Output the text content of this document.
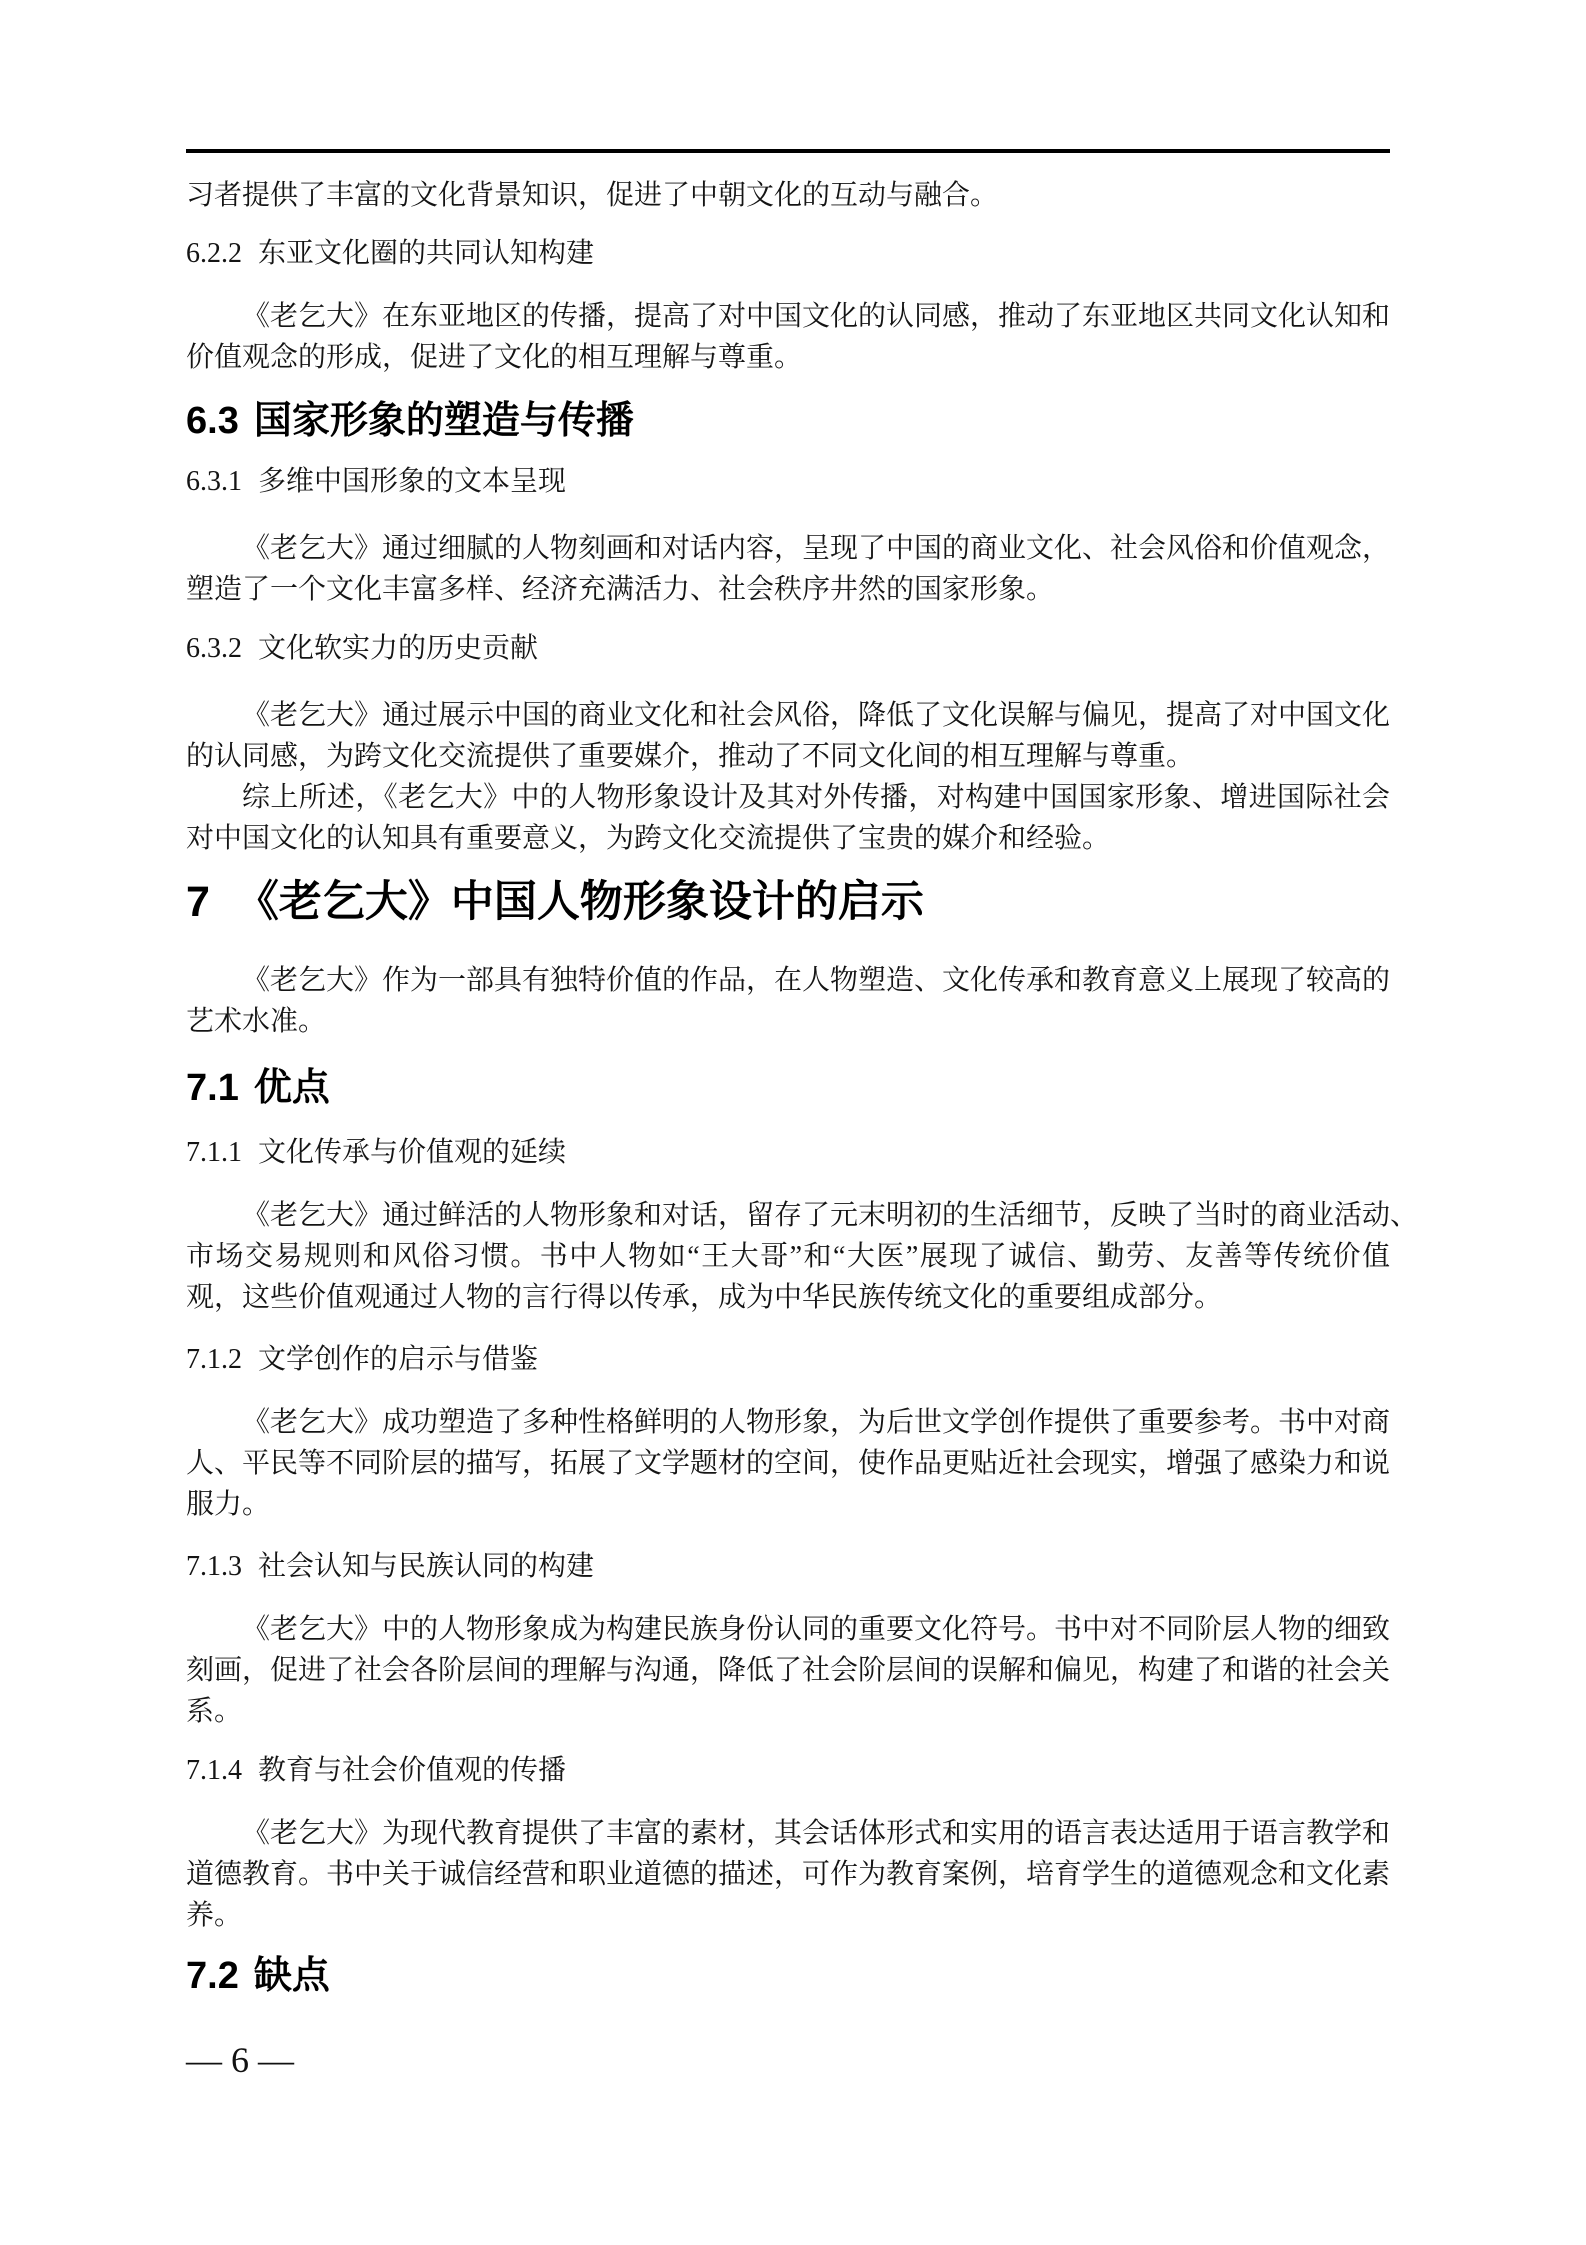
习者提供了丰富的文化背景知识，促进了中朝文化的互动与融合。

6.2.2 东亚文化圈的共同认知构建

《老乞大》在东亚地区的传播，提高了对中国文化的认同感，推动了东亚地区共同文化认知和
价值观念的形成，促进了文化的相互理解与尊重。

6.3 国家形象的塑造与传播
6.3.1 多维中国形象的文本呈现

《老乞大》通过细腻的人物刻画和对话内容，呈现了中国的商业文化、社会风俗和价值观念，
塑造了一个文化丰富多样、经济充满活力、社会秩序井然的国家形象。

6.3.2 文化软实力的历史贡献

《老乞大》通过展示中国的商业文化和社会风俗，降低了文化误解与偏见，提高了对中国文化
的认同感，为跨文化交流提供了重要媒介，推动了不同文化间的相互理解与尊重。

综上所述，《老乞大》中的人物形象设计及其对外传播，对构建中国国家形象、增进国际社会
对中国文化的认知具有重要意义，为跨文化交流提供了宝贵的媒介和经验。

7 《老乞大》中国人物形象设计的启示

《老乞大》作为一部具有独特价值的作品，在人物塑造、文化传承和教育意义上展现了较高的
艺术水准。

7.1 优点
7.1.1 文化传承与价值观的延续

《老乞大》通过鲜活的人物形象和对话，留存了元末明初的生活细节，反映了当时的商业活动、
市场交易规则和风俗习惯。书中人物如“王大哥”和“大医”展现了诚信、勤劳、友善等传统价值
观，这些价值观通过人物的言行得以传承，成为中华民族传统文化的重要组成部分。

7.1.2 文学创作的启示与借鉴

《老乞大》成功塑造了多种性格鲜明的人物形象，为后世文学创作提供了重要参考。书中对商
人、平民等不同阶层的描写，拓展了文学题材的空间，使作品更贴近社会现实，增强了感染力和说
服力。

7.1.3 社会认知与民族认同的构建

《老乞大》中的人物形象成为构建民族身份认同的重要文化符号。书中对不同阶层人物的细致
刻画，促进了社会各阶层间的理解与沟通，降低了社会阶层间的误解和偏见，构建了和谐的社会关
系。

7.1.4 教育与社会价值观的传播

《老乞大》为现代教育提供了丰富的素材，其会话体形式和实用的语言表达适用于语言教学和
道德教育。书中关于诚信经营和职业道德的描述，可作为教育案例，培育学生的道德观念和文化素
养。

7.2 缺点
— 6 —
